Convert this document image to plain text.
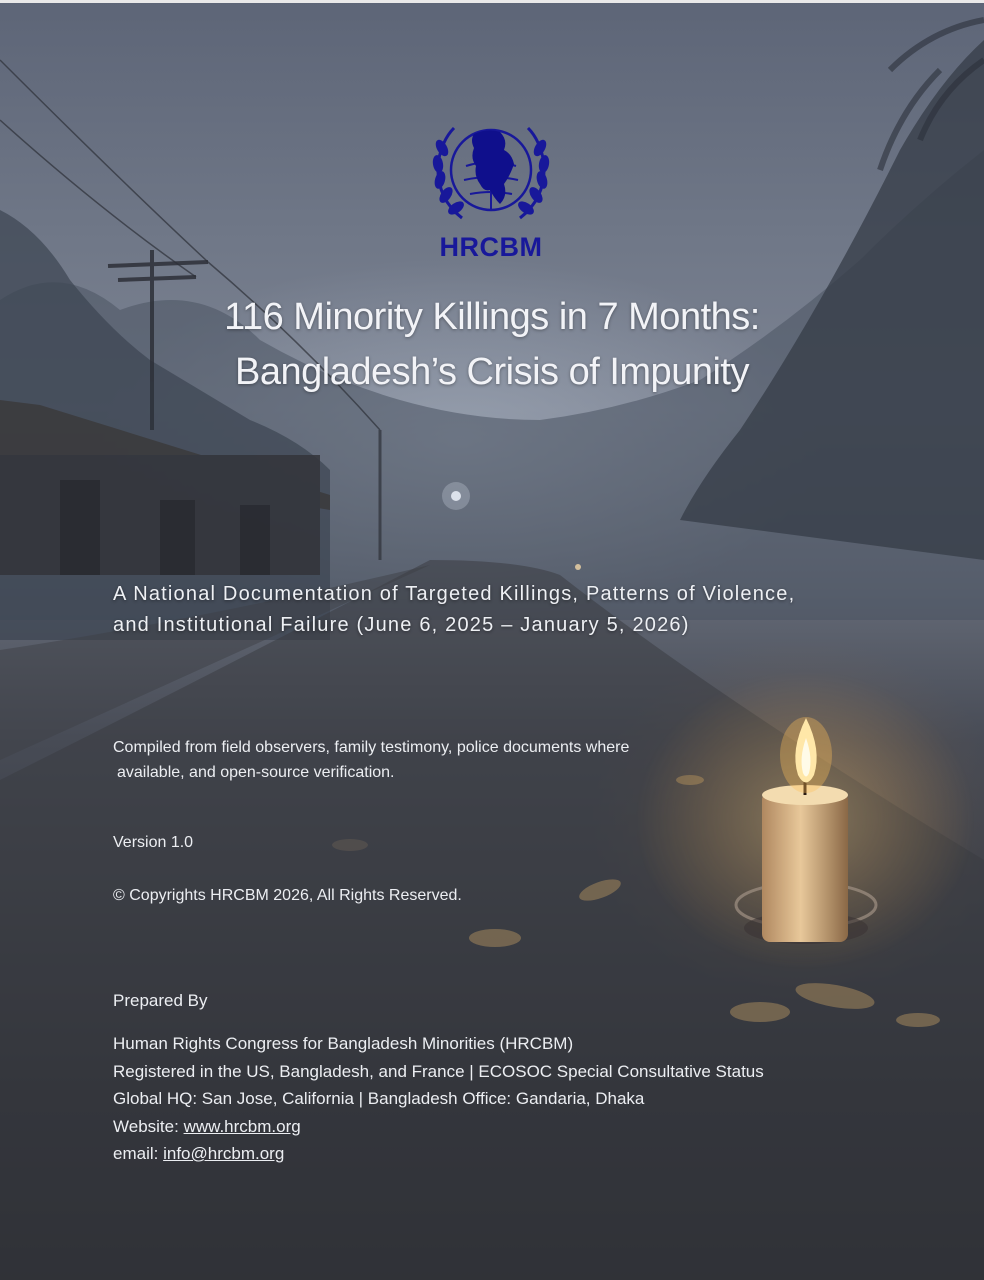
HRCBM
116 Minority Killings in 7 Months:
Bangladesh’s Crisis of Impunity
A National Documentation of Targeted Killings, Patterns of Violence,
and Institutional Failure (June 6, 2025 – January 5, 2026)
Compiled from field observers, family testimony, police documents where
available, and open-source verification.
Version 1.0
© Copyrights HRCBM 2026, All Rights Reserved.
Prepared By
Human Rights Congress for Bangladesh Minorities (HRCBM)
Registered in the US, Bangladesh, and France | ECOSOC Special Consultative Status
Global HQ: San Jose, California | Bangladesh Office: Gandaria, Dhaka
Website: www.hrcbm.org
email: info@hrcbm.org
